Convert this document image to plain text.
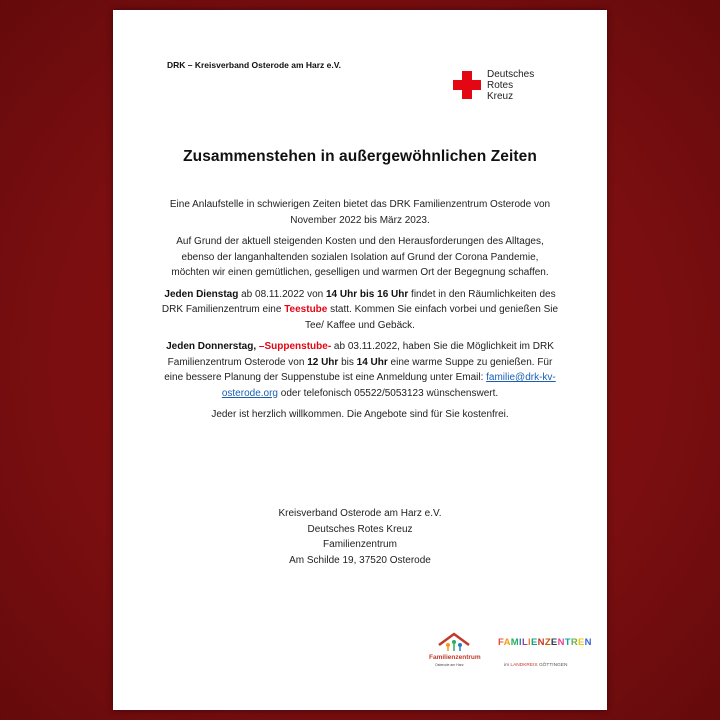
DRK – Kreisverband Osterode am Harz e.V.
Deutsches
Rotes
Kreuz
Zusammenstehen in außergewöhnlichen Zeiten

Eine Anlaufstelle in schwierigen Zeiten bietet das DRK Familienzentrum Osterode von November 2022 bis März 2023.

Auf Grund der aktuell steigenden Kosten und den Herausforderungen des Alltages, ebenso der langanhaltenden sozialen Isolation auf Grund der Corona Pandemie, möchten wir einen gemütlichen, geselligen und warmen Ort der Begegnung schaffen.

Jeden Dienstag ab 08.11.2022 von 14 Uhr bis 16 Uhr findet in den Räumlichkeiten des DRK Familienzentrum eine Teestube statt. Kommen Sie einfach vorbei und genießen Sie Tee/ Kaffee und Gebäck.

Jeden Donnerstag, –Suppenstube- ab 03.11.2022, haben Sie die Möglichkeit im DRK Familienzentrum Osterode von 12 Uhr bis 14 Uhr eine warme Suppe zu genießen. Für eine bessere Planung der Suppenstube ist eine Anmeldung unter Email: familie@drk-kv-osterode.org oder telefonisch 05522/5053123 wünschenswert.

Jeder ist herzlich willkommen. Die Angebote sind für Sie kostenfrei.

Kreisverband Osterode am Harz e.V.
Deutsches Rotes Kreuz
Familienzentrum
Am Schilde 19, 37520 Osterode
Familienzentrum
Osterode am Harz
FAMILIENZENTREN
im LANDKREIS GÖTTINGEN
